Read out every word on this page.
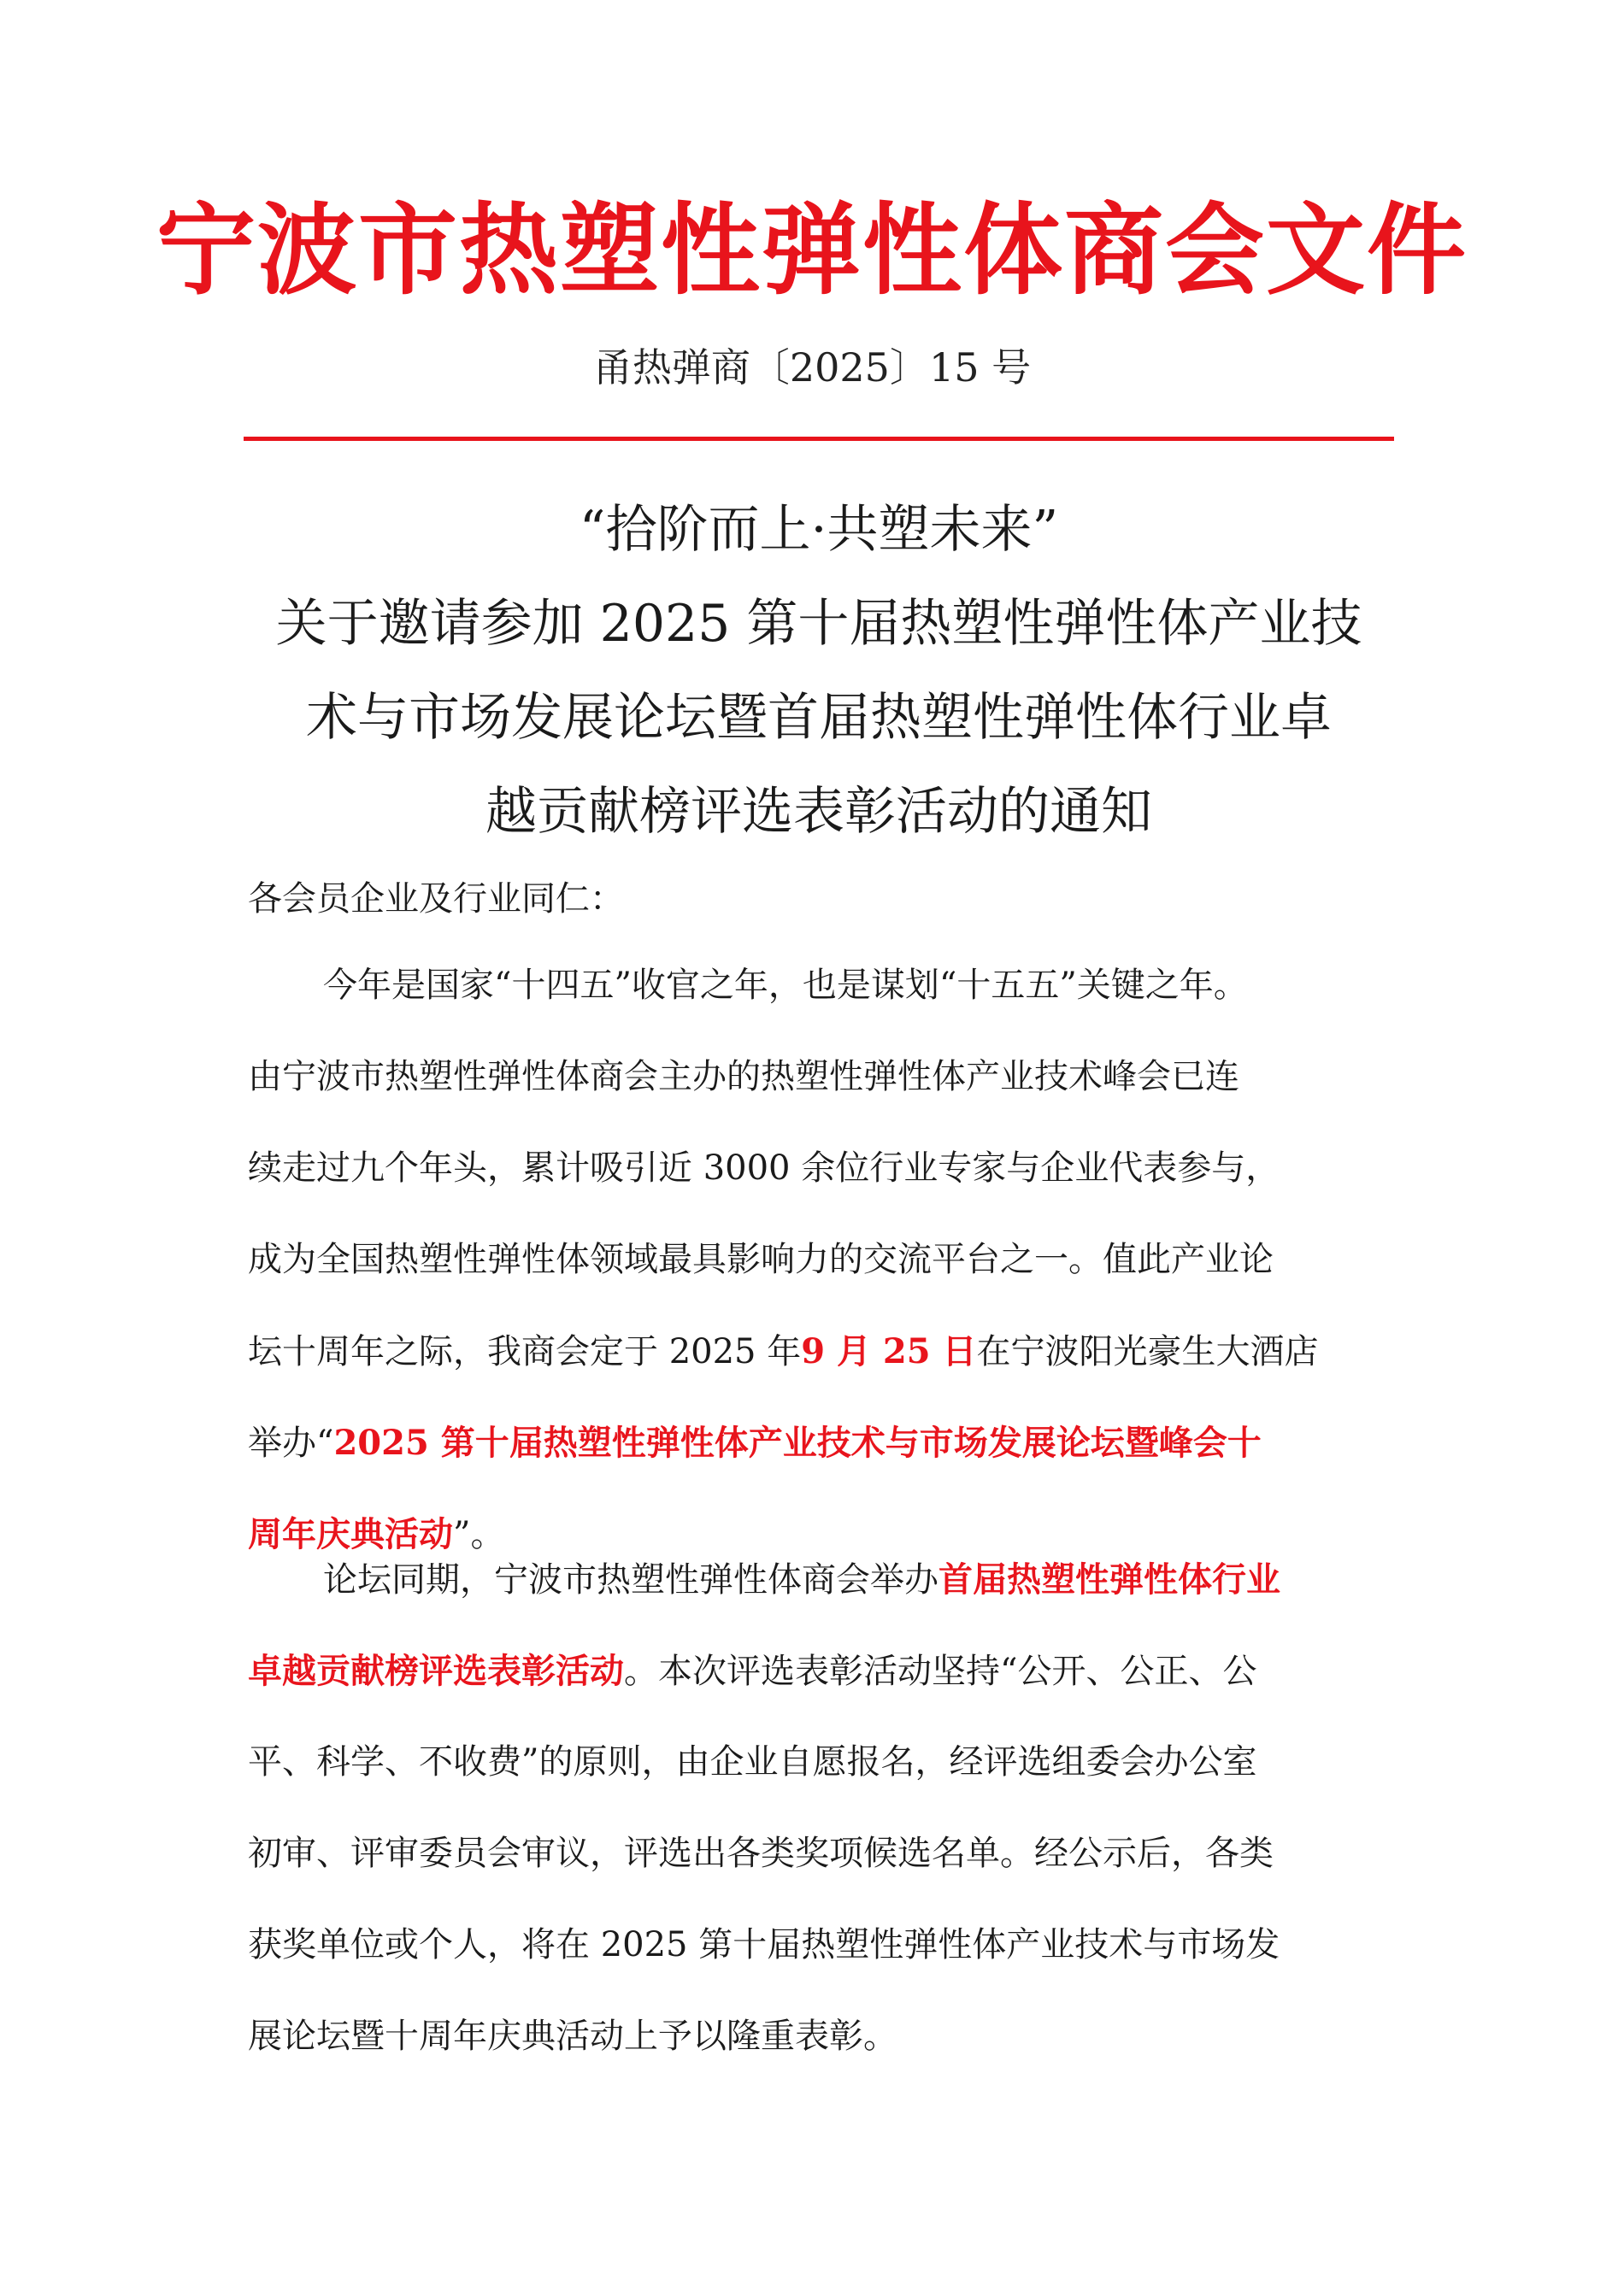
宁波市热塑性弹性体商会文件
甬热弹商〔2025〕15 号
“拾阶而上·共塑未来”
关于邀请参加 2025 第十届热塑性弹性体产业技
术与市场发展论坛暨首届热塑性弹性体行业卓
越贡献榜评选表彰活动的通知
各会员企业及行业同仁：
今年是国家“十四五”收官之年，也是谋划“十五五”关键之年。
由宁波市热塑性弹性体商会主办的热塑性弹性体产业技术峰会已连
续走过九个年头，累计吸引近 3000 余位行业专家与企业代表参与，
成为全国热塑性弹性体领域最具影响力的交流平台之一。值此产业论
坛十周年之际，我商会定于 2025 年9 月 25 日在宁波阳光豪生大酒店
举办“2025 第十届热塑性弹性体产业技术与市场发展论坛暨峰会十
周年庆典活动”。
论坛同期，宁波市热塑性弹性体商会举办首届热塑性弹性体行业
卓越贡献榜评选表彰活动。本次评选表彰活动坚持“公开、公正、公
平、科学、不收费”的原则，由企业自愿报名，经评选组委会办公室
初审、评审委员会审议，评选出各类奖项候选名单。经公示后，各类
获奖单位或个人，将在 2025 第十届热塑性弹性体产业技术与市场发
展论坛暨十周年庆典活动上予以隆重表彰。
